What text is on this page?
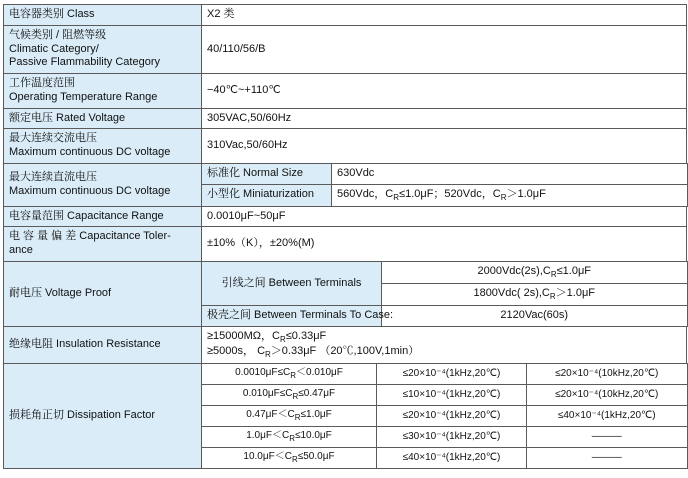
电容器类别 Class	X2 类

气候类别 / 阻燃等级
Climatic Category/
Passive Flammability Category
	40/110/56/B

工作温度范围
Operating Temperature Range
	−40℃~+110℃
额定电压 Rated Voltage	305VAC,50/60Hz

最大连续交流电压
Maximum continuous DC voltage
	310Vac,50/60Hz

最大连续直流电压
Maximum continuous DC voltage

标准化 Normal Size	630Vdc
小型化 Miniaturization	560Vdc，$C_R\le 1.0\mu F$；520Vdc，$C_R>1.0\mu F$

电容量范围 Capacitance Range	0.0010μF~50μF

电 容 量 偏 差 Capacitance Toler-
ance
	±10%（K），±20%(M)
耐电压 Voltage Proof	
引线之间 Between Terminals	$2000Vdc(2s),C_R\le 1.0\mu F$
1800Vdc( $2s),C_R>1.0\mu F$
极壳之间 Between Terminals To Case:	2120Vac(60s)

绝缘电阻 Insulation Resistance	
≥15000MΩ，$C_R\le 0.33\mu F$
≥5000s， $C_R>0.33\mu F$ （20℃,100V,1min）

损耗角正切 Dissipation Factor	
$0.0010\mu F\le C_R<0.010\mu F$	≤20×10⁻⁴(1kHz,20℃)	≤20×10⁻⁴(10kHz,20℃)
$0.010\mu F\le C_R\le 0.47\mu F$	≤10×10⁻⁴(1kHz,20℃)	≤20×10⁻⁴(10kHz,20℃)
$0.47\mu F<C_R\le 1.0\mu F$	≤20×10⁻⁴(1kHz,20℃)	≤40×10⁻⁴(1kHz,20℃)
$1.0\mu F<C_R\le 10.0\mu F$	≤30×10⁻⁴(1kHz,20℃)	———
$10.0\mu F<C_R\le 50.0\mu F$	≤40×10⁻⁴(1kHz,20℃)	———
